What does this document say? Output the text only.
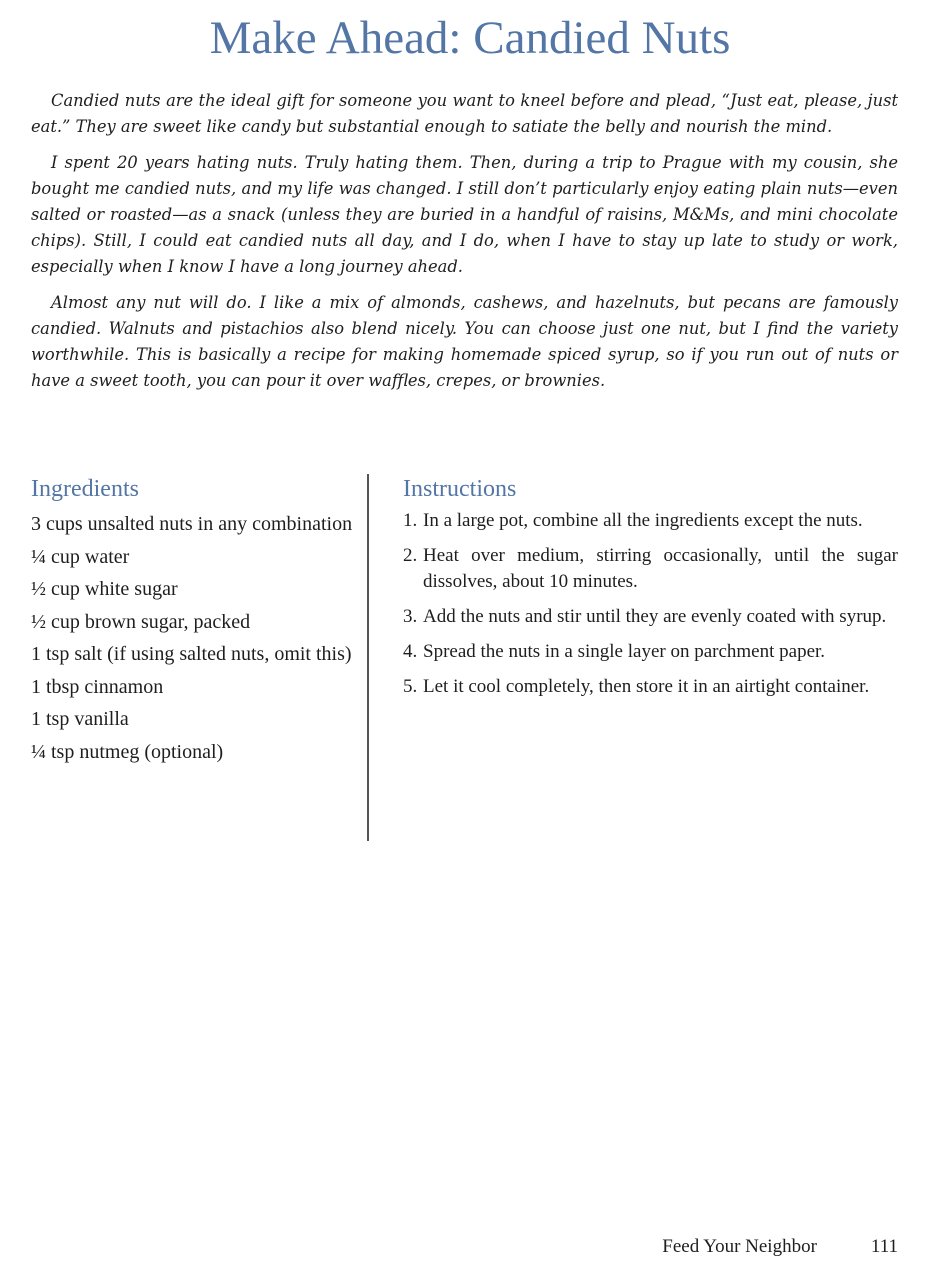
Make Ahead: Candied Nuts

Candied nuts are the ideal gift for someone you want to kneel before and plead, “Just eat, please, just eat.” They are sweet like candy but substantial enough to satiate the belly and nourish the mind.

I spent 20 years hating nuts. Truly hating them. Then, during a trip to Prague with my cousin, she bought me candied nuts, and my life was changed. I still don’t particularly enjoy eating plain nuts—even salted or roasted—as a snack (unless they are buried in a handful of raisins, M&Ms, and mini chocolate chips). Still, I could eat candied nuts all day, and I do, when I have to stay up late to study or work, especially when I know I have a long journey ahead.

Almost any nut will do. I like a mix of almonds, cashews, and hazelnuts, but pecans are famously candied. Walnuts and pistachios also blend nicely. You can choose just one nut, but I find the variety worthwhile. This is basically a recipe for making homemade spiced syrup, so if you run out of nuts or have a sweet tooth, you can pour it over waffles, crepes, or brownies.

Ingredients
3 cups unsalted nuts in any combination
¼ cup water
½ cup white sugar
½ cup brown sugar, packed
1 tsp salt (if using salted nuts, omit this)
1 tbsp cinnamon
1 tsp vanilla
¼ tsp nutmeg (optional)
Instructions
1. In a large pot, combine all the ingredients except the nuts.
2. Heat over medium, stirring occasionally, until the sugar dissolves, about 10 minutes.
3. Add the nuts and stir until they are evenly coated with syrup.
4. Spread the nuts in a single layer on parchment paper.
5. Let it cool completely, then store it in an airtight container.
Feed Your Neighbor	111
